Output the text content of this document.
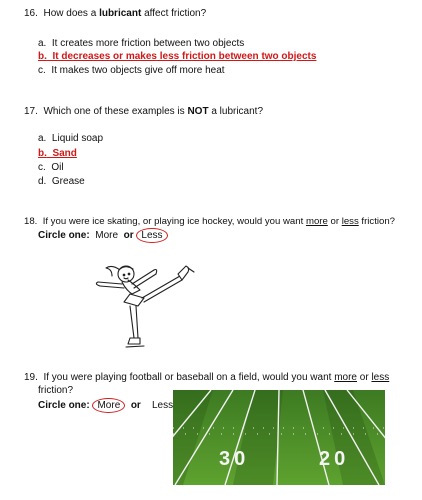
16. How does a lubricant affect friction?
a. It creates more friction between two objects
b. It decreases or makes less friction between two objects
c. It makes two objects give off more heat
17. Which one of these examples is NOT a lubricant?
a. Liquid soap
b. Sand
c. Oil
d. Grease
18. If you were ice skating, or playing ice hockey, would you want more or less friction?
Circle one: More or Less
19. If you were playing football or baseball on a field, would you want more or less
friction?
Circle one: More or Less
30	20
